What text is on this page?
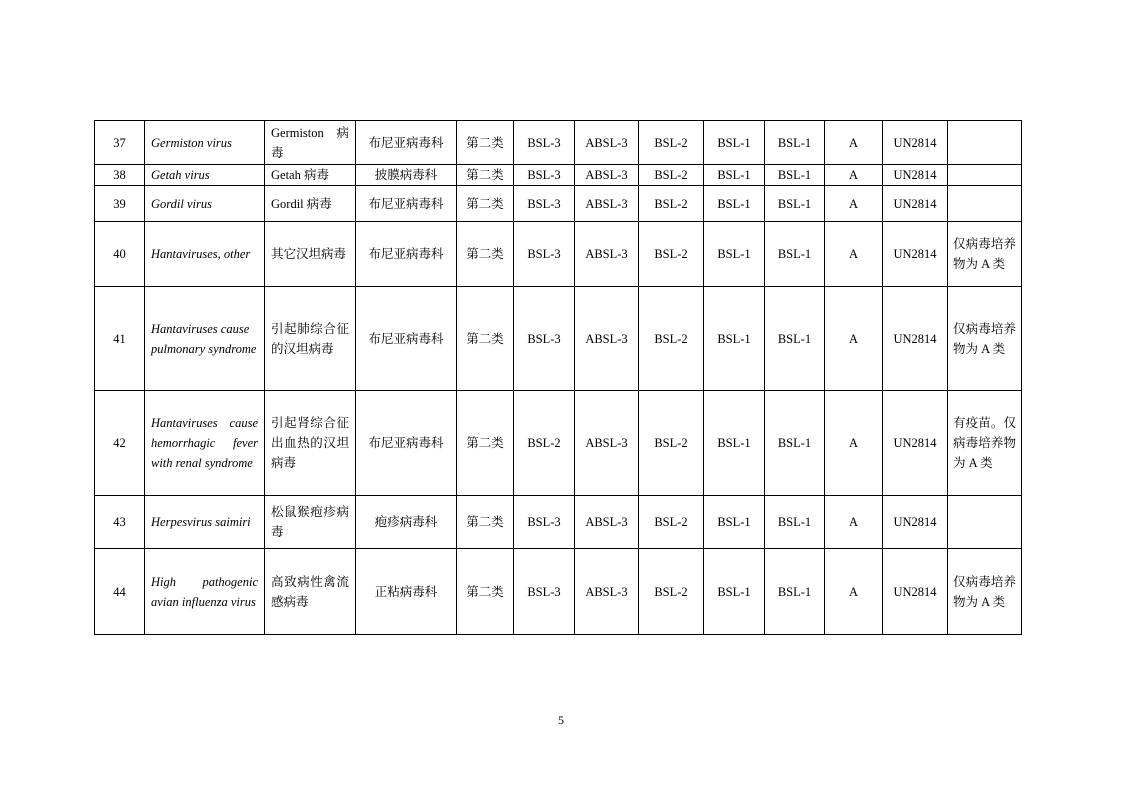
37	Germiston virus	Germiston 病毒	布尼亚病毒科	第二类	BSL-3	ABSL-3	BSL-2	BSL-1	BSL-1	A	UN2814	
38	Getah virus	Getah 病毒	披膜病毒科	第二类	BSL-3	ABSL-3	BSL-2	BSL-1	BSL-1	A	UN2814	
39	Gordil virus	Gordil 病毒	布尼亚病毒科	第二类	BSL-3	ABSL-3	BSL-2	BSL-1	BSL-1	A	UN2814	
40	Hantaviruses, other	其它汉坦病毒	布尼亚病毒科	第二类	BSL-3	ABSL-3	BSL-2	BSL-1	BSL-1	A	UN2814	仅病毒培养物为 A 类
41	Hantaviruses cause pulmonary syndrome	引起肺综合征的汉坦病毒	布尼亚病毒科	第二类	BSL-3	ABSL-3	BSL-2	BSL-1	BSL-1	A	UN2814	仅病毒培养物为 A 类
42	Hantaviruses cause hemorrhagic fever with renal syndrome	引起肾综合征出血热的汉坦病毒	布尼亚病毒科	第二类	BSL-2	ABSL-3	BSL-2	BSL-1	BSL-1	A	UN2814	有疫苗。仅病毒培养物为 A 类
43	Herpesvirus saimiri	松鼠猴疱疹病毒	疱疹病毒科	第二类	BSL-3	ABSL-3	BSL-2	BSL-1	BSL-1	A	UN2814	
44	High pathogenic avian influenza virus	高致病性禽流感病毒	正粘病毒科	第二类	BSL-3	ABSL-3	BSL-2	BSL-1	BSL-1	A	UN2814	仅病毒培养物为 A 类
5
